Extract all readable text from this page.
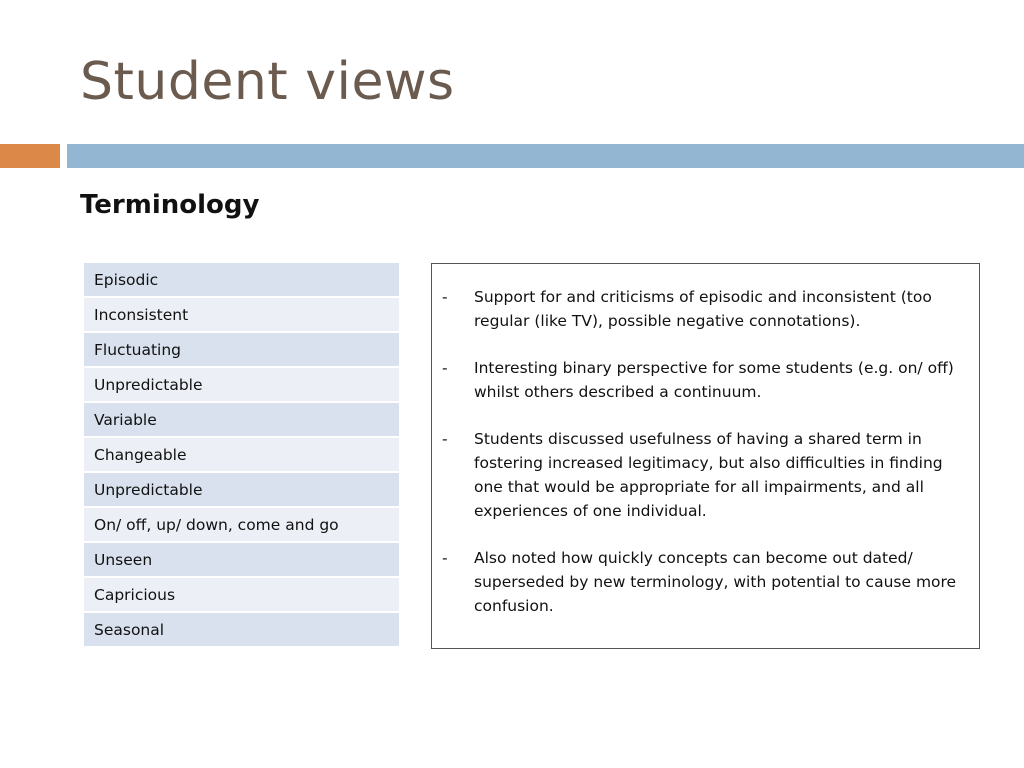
Student views
Terminology
Episodic
Inconsistent
Fluctuating
Unpredictable
Variable
Changeable
Unpredictable
On/ off, up/ down, come and go
Unseen
Capricious
Seasonal
-	Support for and criticisms of episodic and inconsistent (too regular (like TV), possible negative connotations).
-	Interesting binary perspective for some students (e.g. on/ off) whilst others described a continuum.
-	Students discussed usefulness of having a shared term in fostering increased legitimacy, but also difficulties in finding one that would be appropriate for all impairments, and all experiences of one individual.
-	Also noted how quickly concepts can become out dated/ superseded by new terminology, with potential to cause more confusion.
